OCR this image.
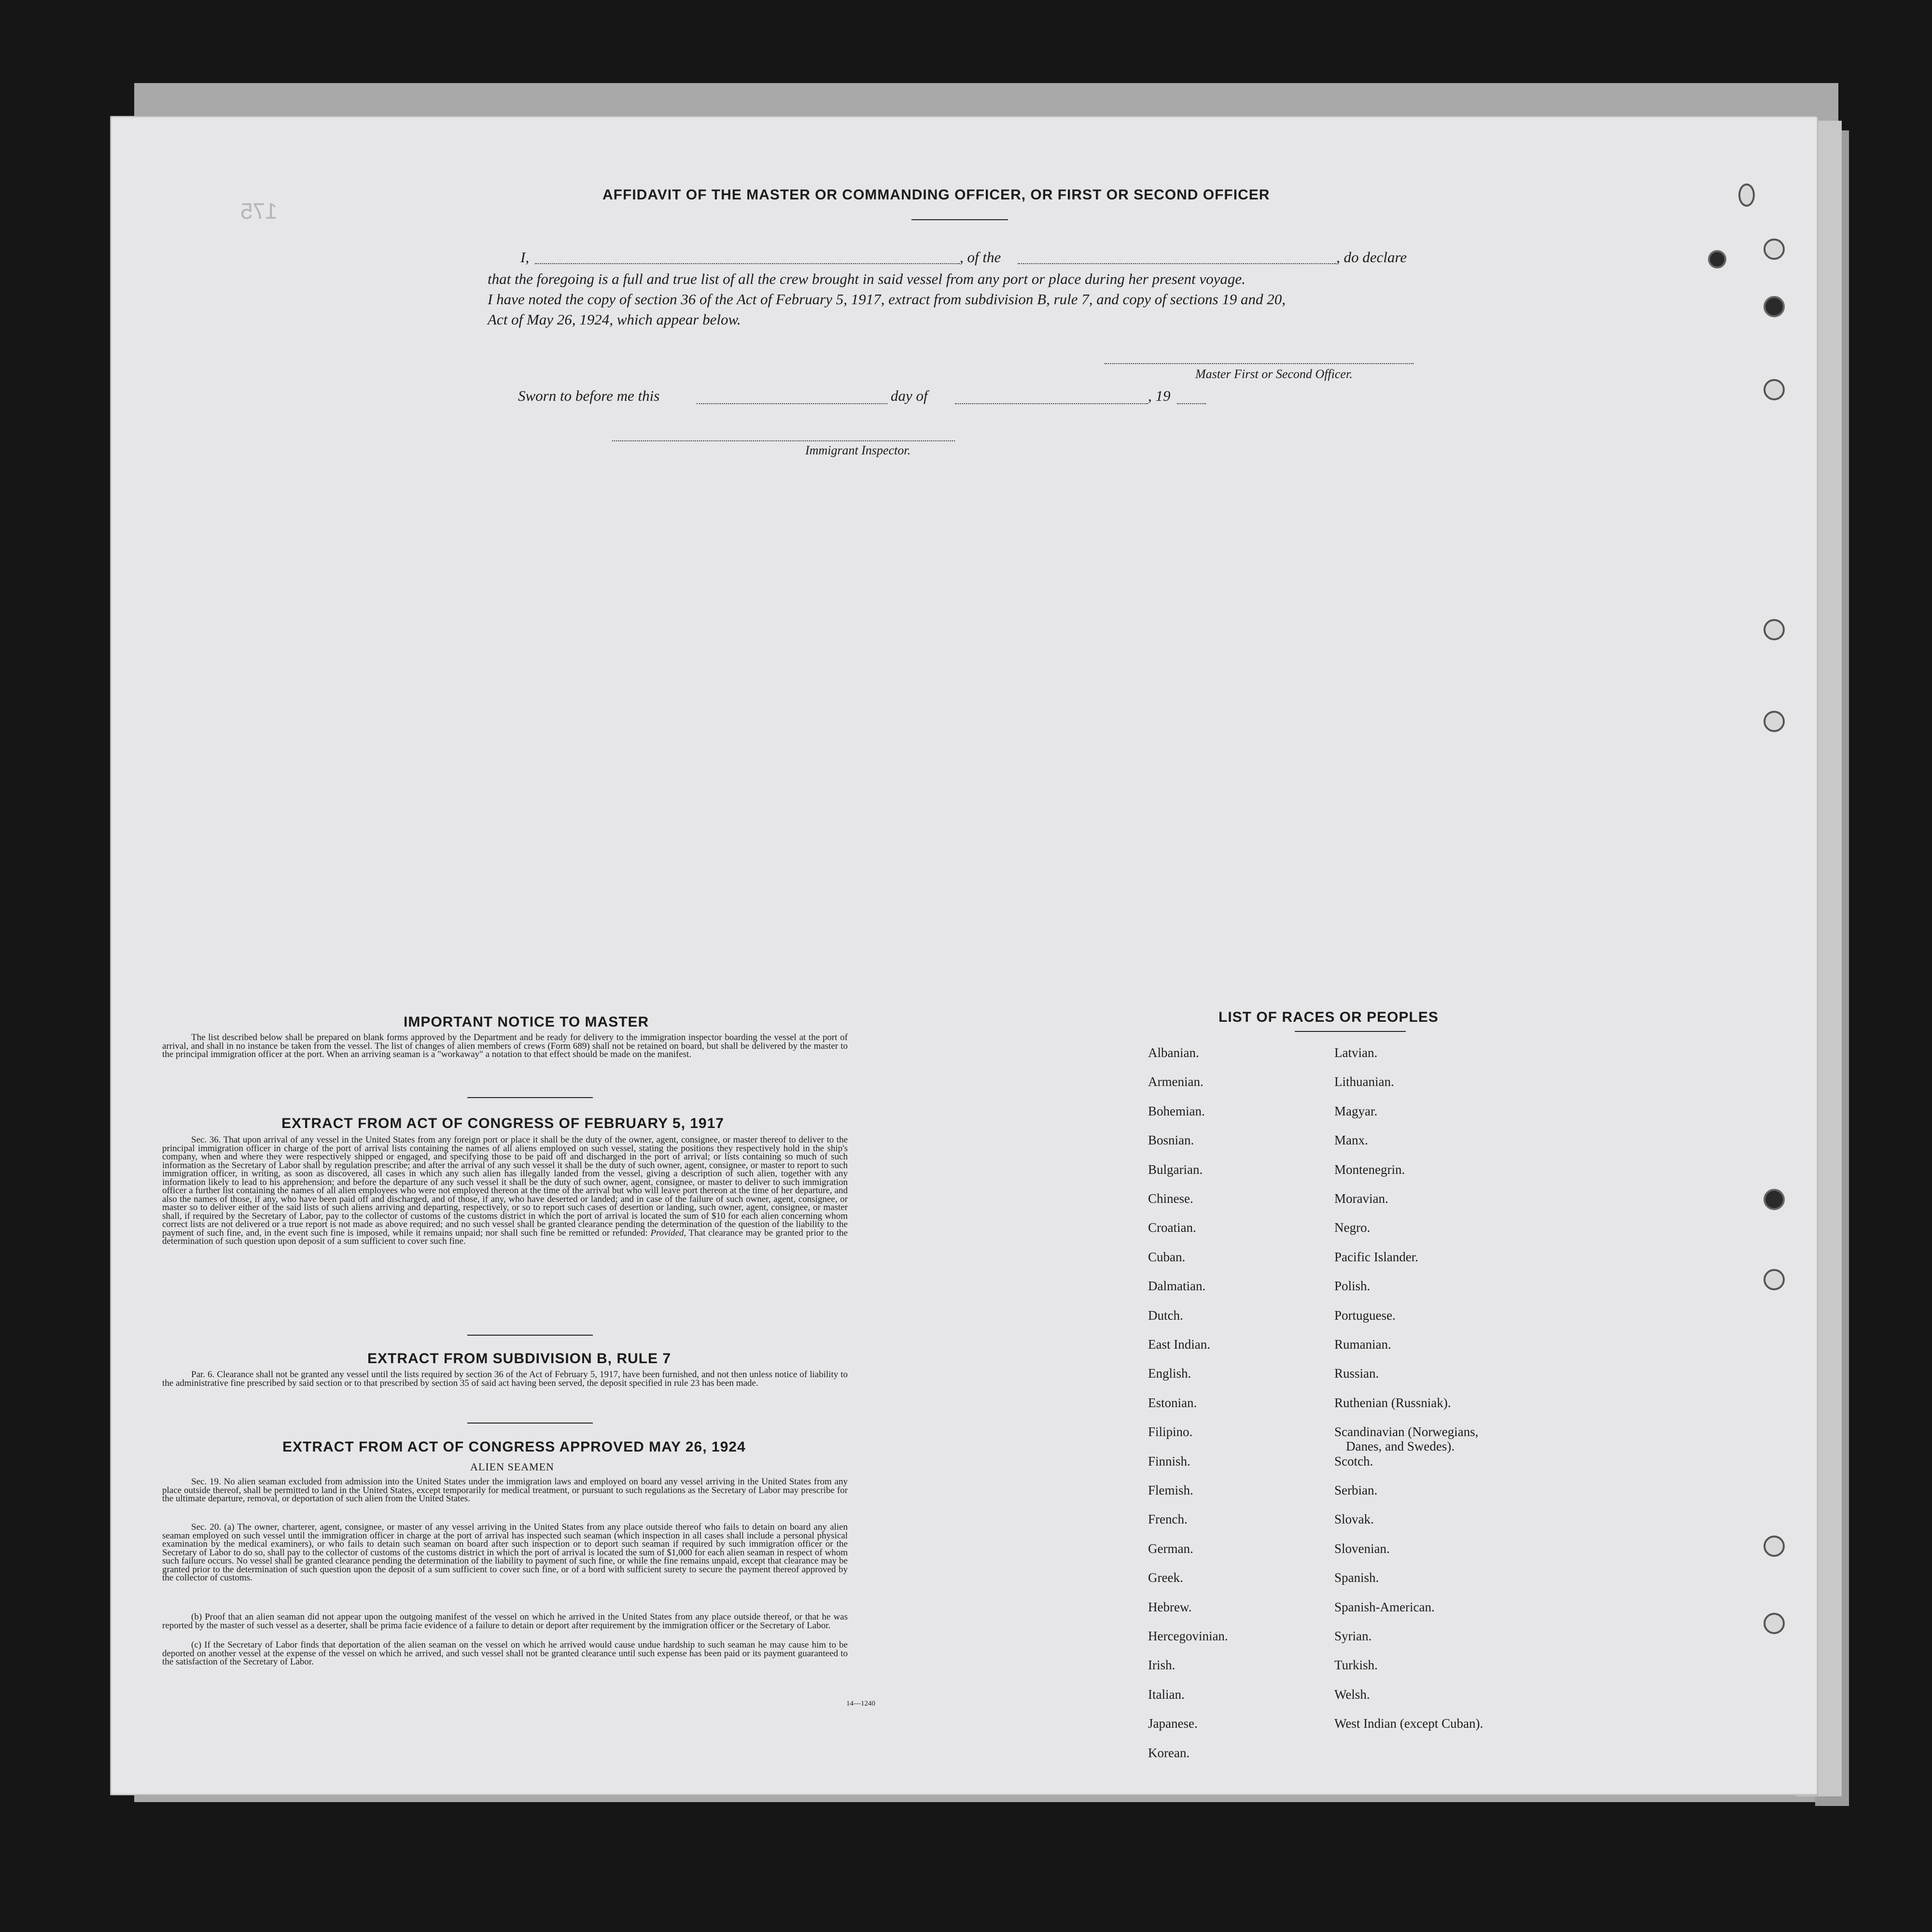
175
AFFIDAVIT OF THE MASTER OR COMMANDING OFFICER, OR FIRST OR SECOND OFFICER
I,	, of the	, do declare
that the foregoing is a full and true list of all the crew brought in said vessel from any port or place during her present voyage.
I have noted the copy of section 36 of the Act of February 5, 1917, extract from subdivision B, rule 7, and copy of sections 19 and 20,
Act of May 26, 1924, which appear below.
Master First or Second Officer.
Sworn to before me this	day of	, 19
Immigrant Inspector.
IMPORTANT NOTICE TO MASTER
The list described below shall be prepared on blank forms approved by the Department and be ready for delivery to the immigration inspector boarding the vessel at the port of arrival, and shall in no instance be taken from the vessel. The list of changes of alien members of crews (Form 689) shall not be retained on board, but shall be delivered by the master to the principal immigration officer at the port. When an arriving seaman is a "workaway" a notation to that effect should be made on the manifest.
EXTRACT FROM ACT OF CONGRESS OF FEBRUARY 5, 1917
Sec. 36. That upon arrival of any vessel in the United States from any foreign port or place it shall be the duty of the owner, agent, consignee, or master thereof to deliver to the principal immigration officer in charge of the port of arrival lists containing the names of all aliens employed on such vessel, stating the positions they respectively hold in the ship's company, when and where they were respectively shipped or engaged, and specifying those to be paid off and discharged in the port of arrival; or lists containing so much of such information as the Secretary of Labor shall by regulation prescribe; and after the arrival of any such vessel it shall be the duty of such owner, agent, consignee, or master to report to such immigration officer, in writing, as soon as discovered, all cases in which any such alien has illegally landed from the vessel, giving a description of such alien, together with any information likely to lead to his apprehension; and before the departure of any such vessel it shall be the duty of such owner, agent, consignee, or master to deliver to such immigration officer a further list containing the names of all alien employees who were not employed thereon at the time of the arrival but who will leave port thereon at the time of her departure, and also the names of those, if any, who have been paid off and discharged, and of those, if any, who have deserted or landed; and in case of the failure of such owner, agent, consignee, or master so to deliver either of the said lists of such aliens arriving and departing, respectively, or so to report such cases of desertion or landing, such owner, agent, consignee, or master shall, if required by the Secretary of Labor, pay to the collector of customs of the customs district in which the port of arrival is located the sum of $10 for each alien concerning whom correct lists are not delivered or a true report is not made as above required; and no such vessel shall be granted clearance pending the determination of the question of the liability to the payment of such fine, and, in the event such fine is imposed, while it remains unpaid; nor shall such fine be remitted or refunded: Provided, That clearance may be granted prior to the determination of such question upon deposit of a sum sufficient to cover such fine.
EXTRACT FROM SUBDIVISION B, RULE 7
Par. 6. Clearance shall not be granted any vessel until the lists required by section 36 of the Act of February 5, 1917, have been furnished, and not then unless notice of liability to the administrative fine prescribed by said section or to that prescribed by section 35 of said act having been served, the deposit specified in rule 23 has been made.
EXTRACT FROM ACT OF CONGRESS APPROVED MAY 26, 1924
ALIEN SEAMEN
Sec. 19. No alien seaman excluded from admission into the United States under the immigration laws and employed on board any vessel arriving in the United States from any place outside thereof, shall be permitted to land in the United States, except temporarily for medical treatment, or pursuant to such regulations as the Secretary of Labor may prescribe for the ultimate departure, removal, or deportation of such alien from the United States.
Sec. 20. (a) The owner, charterer, agent, consignee, or master of any vessel arriving in the United States from any place outside thereof who fails to detain on board any alien seaman employed on such vessel until the immigration officer in charge at the port of arrival has inspected such seaman (which inspection in all cases shall include a personal physical examination by the medical examiners), or who fails to detain such seaman on board after such inspection or to deport such seaman if required by such immigration officer or the Secretary of Labor to do so, shall pay to the collector of customs of the customs district in which the port of arrival is located the sum of $1,000 for each alien seaman in respect of whom such failure occurs. No vessel shall be granted clearance pending the determination of the liability to payment of such fine, or while the fine remains unpaid, except that clearance may be granted prior to the determination of such question upon the deposit of a sum sufficient to cover such fine, or of a bord with sufficient surety to secure the payment thereof approved by the collector of customs.
(b) Proof that an alien seaman did not appear upon the outgoing manifest of the vessel on which he arrived in the United States from any place outside thereof, or that he was reported by the master of such vessel as a deserter, shall be prima facie evidence of a failure to detain or deport after requirement by the immigration officer or the Secretary of Labor.
(c) If the Secretary of Labor finds that deportation of the alien seaman on the vessel on which he arrived would cause undue hardship to such seaman he may cause him to be deported on another vessel at the expense of the vessel on which he arrived, and such vessel shall not be granted clearance until such expense has been paid or its payment guaranteed to the satisfaction of the Secretary of Labor.
14—1240
LIST OF RACES OR PEOPLES
Albanian.
Armenian.
Bohemian.
Bosnian.
Bulgarian.
Chinese.
Croatian.
Cuban.
Dalmatian.
Dutch.
East Indian.
English.
Estonian.
Filipino.
Finnish.
Flemish.
French.
German.
Greek.
Hebrew.
Hercegovinian.
Irish.
Italian.
Japanese.
Korean.
Latvian.
Lithuanian.
Magyar.
Manx.
Montenegrin.
Moravian.
Negro.
Pacific Islander.
Polish.
Portuguese.
Rumanian.
Russian.
Ruthenian (Russniak).
Scandinavian (Norwegians,
Danes, and Swedes).
Scotch.
Serbian.
Slovak.
Slovenian.
Spanish.
Spanish-American.
Syrian.
Turkish.
Welsh.
West Indian (except Cuban).
